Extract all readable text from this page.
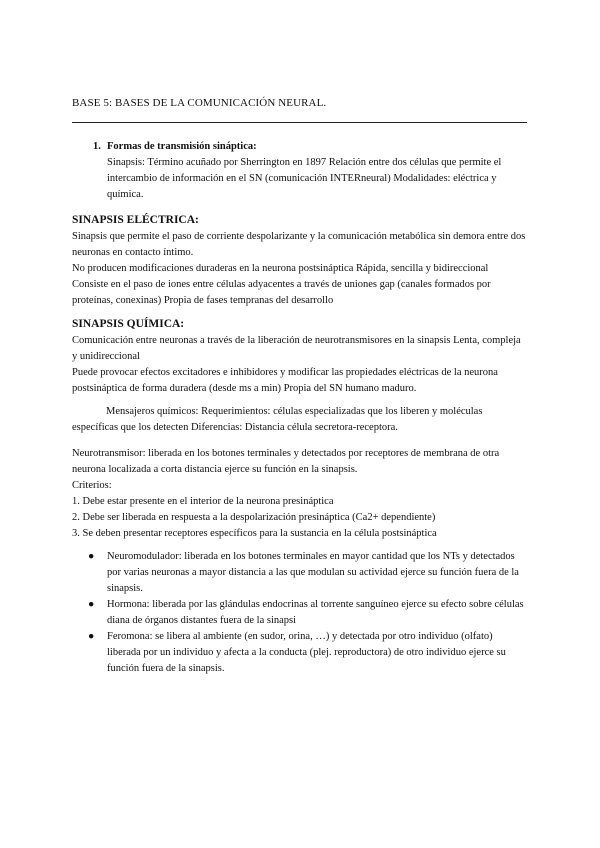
BASE 5: BASES DE LA COMUNICACIÓN NEURAL.
1. Formas de transmisión sináptica:
Sinapsis: Término acuñado por Sherrington en 1897 Relación entre dos células que permite el intercambio de información en el SN (comunicación INTERneural) Modalidades: eléctrica y química.
SINAPSIS ELÉCTRICA:

Sinapsis que permite el paso de corriente despolarizante y la comunicación metabólica sin demora entre dos neuronas en contacto íntimo.

No producen modificaciones duraderas en la neurona postsináptica Rápida, sencilla y bidireccional

Consiste en el paso de iones entre células adyacentes a través de uniones gap (canales formados por proteínas, conexinas) Propia de fases tempranas del desarrollo

SINAPSIS QUÍMICA:

Comunicación entre neuronas a través de la liberación de neurotransmisores en la sinapsis Lenta, compleja y unidireccional

Puede provocar efectos excitadores e inhibidores y modificar las propiedades eléctricas de la neurona postsináptica de forma duradera (desde ms a min) Propia del SN humano maduro.

Mensajeros químicos: Requerimientos: células especializadas que los liberen y moléculas específicas que los detecten Diferencias: Distancia célula secretora-receptora.

Neurotransmisor: liberada en los botones terminales y detectados por receptores de membrana de otra neurona localizada a corta distancia ejerce su función en la sinapsis.

Criterios:

1. Debe estar presente en el interior de la neurona presináptica

2. Debe ser liberada en respuesta a la despolarización presináptica (Ca2+ dependiente)

3. Se deben presentar receptores específicos para la sustancia en la célula postsináptica

● Neuromodulador: liberada en los botones terminales en mayor cantidad que los NTs y detectados por varias neuronas a mayor distancia a las que modulan su actividad ejerce su función fuera de la sinapsis.
● Hormona: liberada por las glándulas endocrinas al torrente sanguíneo ejerce su efecto sobre células diana de órganos distantes fuera de la sinapsi
● Feromona: se libera al ambiente (en sudor, orina, …) y detectada por otro individuo (olfato) liberada por un individuo y afecta a la conducta (plej. reproductora) de otro individuo ejerce su función fuera de la sinapsis.
